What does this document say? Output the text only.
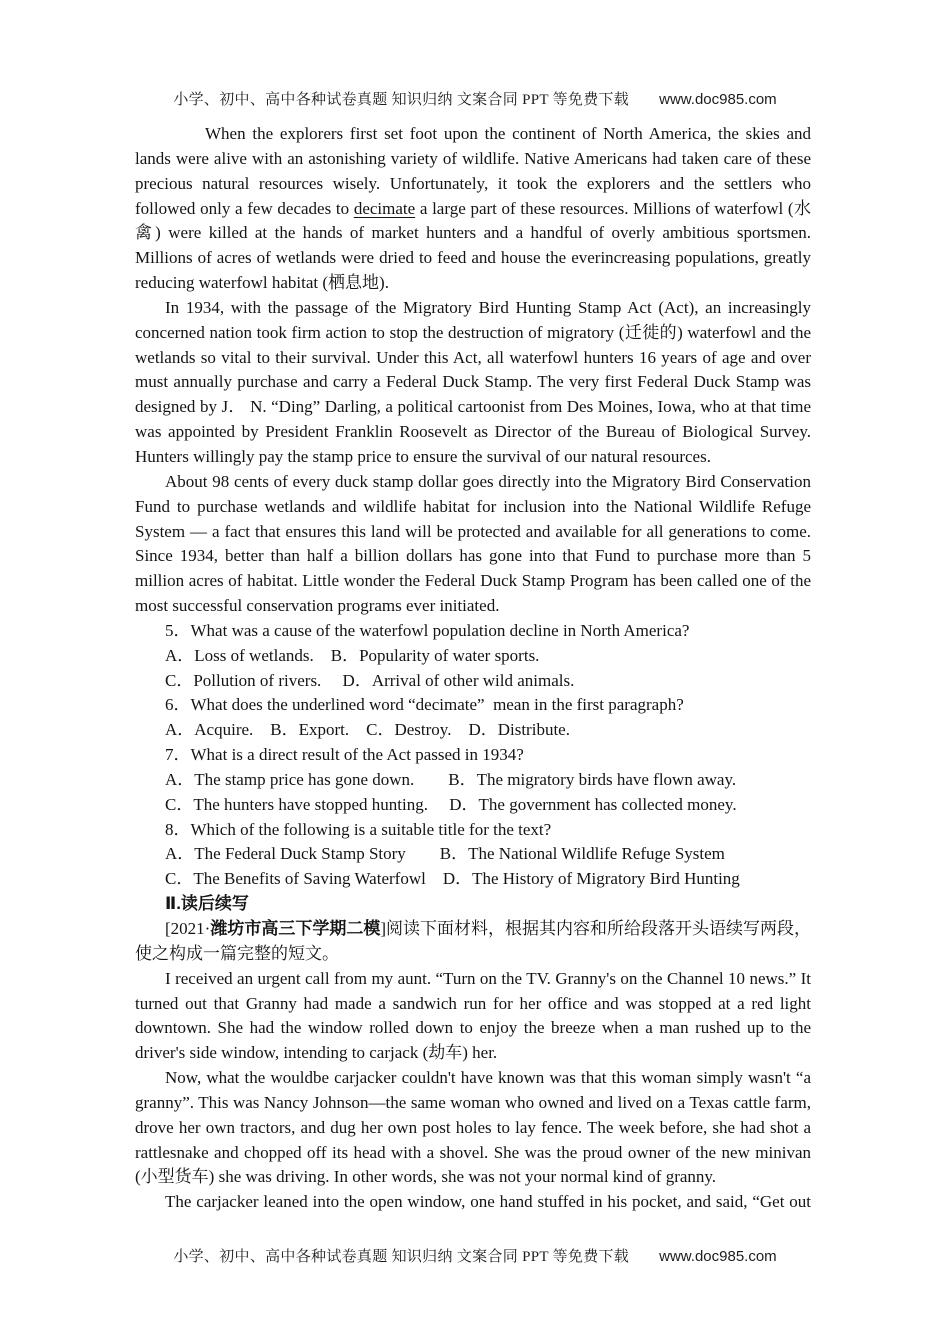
小学、初中、高中各种试卷真题 知识归纳 文案合同 PPT 等免费下载 www.doc985.com

When the explorers first set foot upon the continent of North America, the skies and lands were alive with an astonishing variety of wildlife. Native Americans had taken care of these precious natural resources wisely. Unfortunately, it took the explorers and the settlers who followed only a few decades to decimate a large part of these resources. Millions of waterfowl (水禽) were killed at the hands of market hunters and a handful of overly ambitious sportsmen. Millions of acres of wetlands were dried to feed and house the everincreasing populations, greatly reducing waterfowl habitat (栖息地).

In 1934, with the passage of the Migratory Bird Hunting Stamp Act (Act), an increasingly concerned nation took firm action to stop the destruction of migratory (迁徙的) waterfowl and the wetlands so vital to their survival. Under this Act, all waterfowl hunters 16 years of age and over must annually purchase and carry a Federal Duck Stamp. The very first Federal Duck Stamp was designed by J． N. “Ding” Darling, a political cartoonist from Des Moines, Iowa, who at that time was appointed by President Franklin Roosevelt as Director of the Bureau of Biological Survey. Hunters willingly pay the stamp price to ensure the survival of our natural resources.

About 98 cents of every duck stamp dollar goes directly into the Migratory Bird Conservation Fund to purchase wetlands and wildlife habitat for inclusion into the National Wildlife Refuge System — a fact that ensures this land will be protected and available for all generations to come. Since 1934, better than half a billion dollars has gone into that Fund to purchase more than 5 million acres of habitat. Little wonder the Federal Duck Stamp Program has been called one of the most successful conservation programs ever initiated.

5．What was a cause of the waterfowl population decline in North America?

A．Loss of wetlands.　B．Popularity of water sports.

C．Pollution of rivers.　 D．Arrival of other wild animals.

6．What does the underlined word “decimate”  mean in the first paragraph?

A．Acquire.　B．Export.　C．Destroy.　D．Distribute.

7．What is a direct result of the Act passed in 1934?

A．The stamp price has gone down.　　B．The migratory birds have flown away.

C．The hunters have stopped hunting.　 D．The government has collected money.

8．Which of the following is a suitable title for the text?

A．The Federal Duck Stamp Story　　B．The National Wildlife Refuge System

C．The Benefits of Saving Waterfowl　D．The History of Migratory Bird Hunting

Ⅱ.读后续写

[2021·潍坊市高三下学期二模]阅读下面材料，根据其内容和所给段落开头语续写两段，使之构成一篇完整的短文。

I received an urgent call from my aunt. “Turn on the TV. Granny's on the Channel 10 news.” It turned out that Granny had made a sandwich run for her office and was stopped at a red light downtown. She had the window rolled down to enjoy the breeze when a man rushed up to the driver's side window, intending to carjack (劫车) her.

Now, what the wouldbe carjacker couldn't have known was that this woman simply wasn't “a granny”. This was Nancy Johnson—the same woman who owned and lived on a Texas cattle farm, drove her own tractors, and dug her own post holes to lay fence. The week before, she had shot a rattlesnake and chopped off its head with a shovel. She was the proud owner of the new minivan (小型货车) she was driving. In other words, she was not your normal kind of granny.

The carjacker leaned into the open window, one hand stuffed in his pocket, and said, “Get out

小学、初中、高中各种试卷真题 知识归纳 文案合同 PPT 等免费下载 www.doc985.com
